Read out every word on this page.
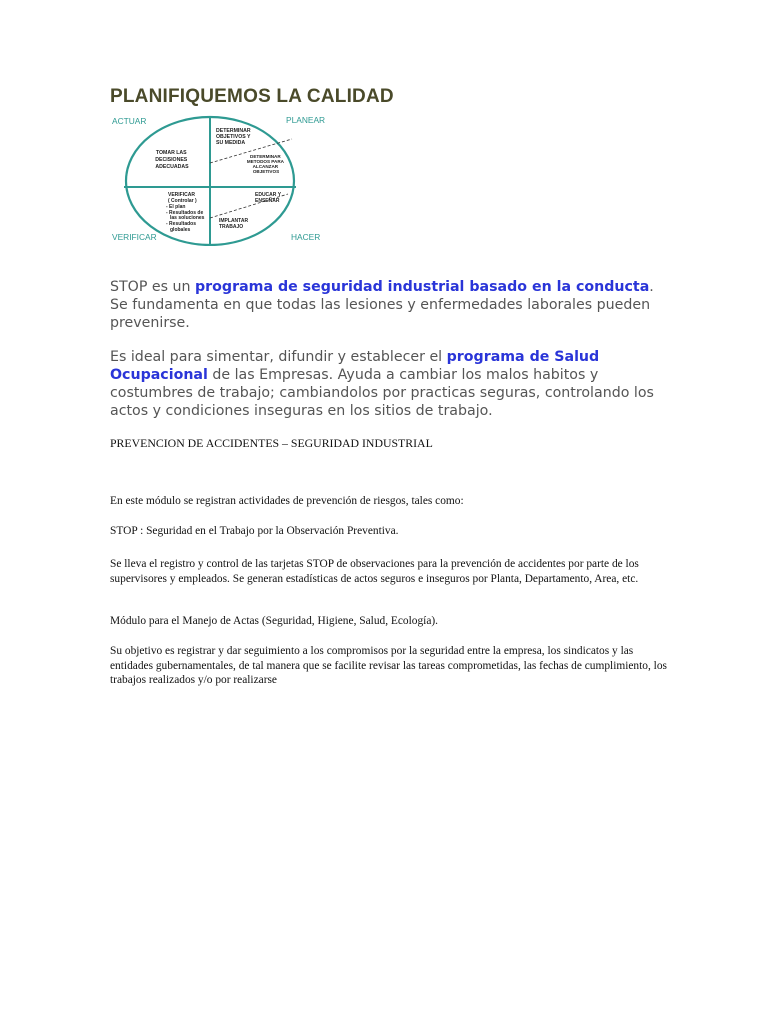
PLANIFIQUEMOS LA CALIDAD
ACTUAR	PLANEAR
VERIFICAR	HACER
TOMAR LAS DECISIONES ADECUADAS
DETERMINAR OBJETIVOS Y SU MEDIDA
DETERMINAR METODOS PARA ALCANZAR OBJETIVOS
VERIFICAR ( Controlar ) - El plan - Resultados de las soluciones - Resultados globales
EDUCAR Y ENSEÑAR
IMPLANTAR TRABAJO
STOP es un programa de seguridad industrial basado en la conducta. Se fundamenta en que todas las lesiones y enfermedades laborales pueden prevenirse.
Es ideal para simentar, difundir y establecer el programa de Salud Ocupacional de las Empresas. Ayuda a cambiar los malos habitos y costumbres de trabajo; cambiandolos por practicas seguras, controlando los actos y condiciones inseguras en los sitios de trabajo.
PREVENCION DE ACCIDENTES – SEGURIDAD INDUSTRIAL
En este módulo se registran actividades de prevención de riesgos, tales como:
STOP : Seguridad en el Trabajo por la Observación Preventiva.
Se lleva el registro y control de las tarjetas STOP de observaciones para la prevención de accidentes por parte de los supervisores y empleados. Se generan estadísticas de actos seguros e inseguros por Planta, Departamento, Area, etc.
Módulo para el Manejo de Actas (Seguridad, Higiene, Salud, Ecología).
Su objetivo es registrar y dar seguimiento a los compromisos por la seguridad entre la empresa, los sindicatos y las entidades gubernamentales, de tal manera que se facilite revisar las tareas comprometidas, las fechas de cumplimiento, los trabajos realizados y/o por realizarse
